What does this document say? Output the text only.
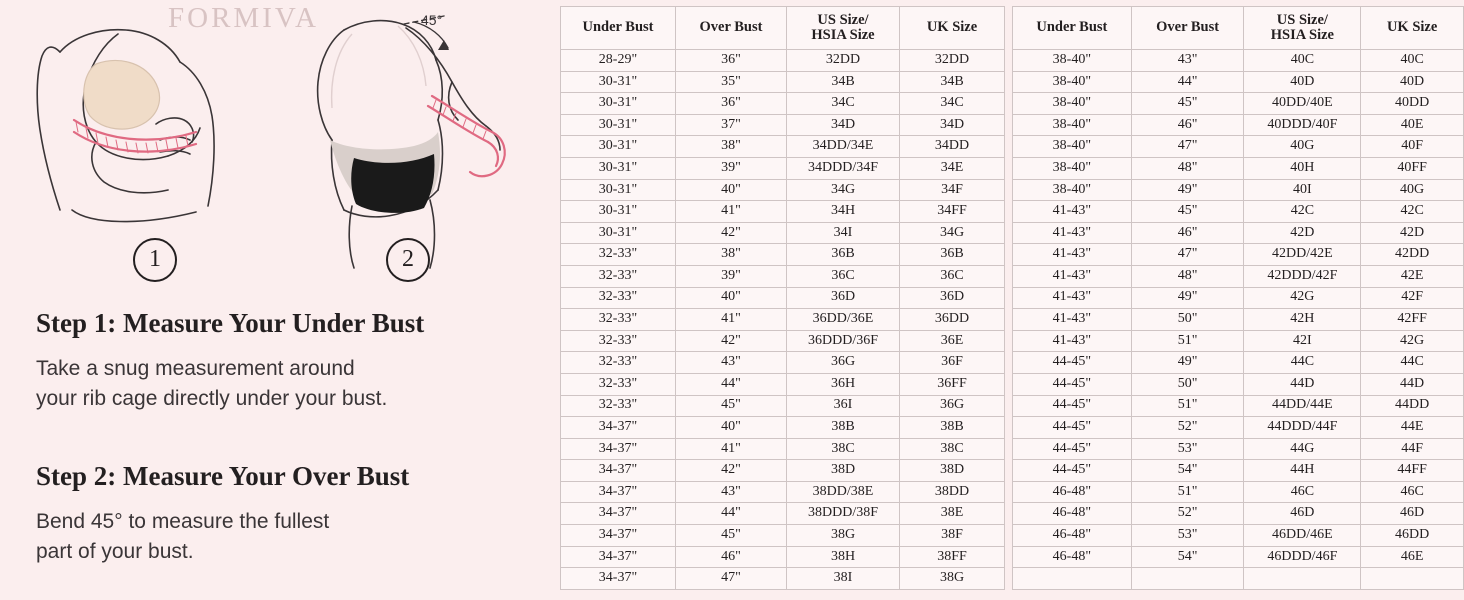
FORMIVA	45°
1	2
Step 1: Measure Your Under Bust
Take a snug measurement around
your rib cage directly under your bust.
Step 2: Measure Your Over Bust
Bend 45° to measure the fullest
part of your bust.
Under Bust	Over Bust	US Size/
HSIA Size	UK Size
28-29"	36"	32DD	32DD
30-31"	35"	34B	34B
30-31"	36"	34C	34C
30-31"	37"	34D	34D
30-31"	38"	34DD/34E	34DD
30-31"	39"	34DDD/34F	34E
30-31"	40"	34G	34F
30-31"	41"	34H	34FF
30-31"	42"	34I	34G
32-33"	38"	36B	36B
32-33"	39"	36C	36C
32-33"	40"	36D	36D
32-33"	41"	36DD/36E	36DD
32-33"	42"	36DDD/36F	36E
32-33"	43"	36G	36F
32-33"	44"	36H	36FF
32-33"	45"	36I	36G
34-37"	40"	38B	38B
34-37"	41"	38C	38C
34-37"	42"	38D	38D
34-37"	43"	38DD/38E	38DD
34-37"	44"	38DDD/38F	38E
34-37"	45"	38G	38F
34-37"	46"	38H	38FF
34-37"	47"	38I	38G
Under Bust	Over Bust	US Size/
HSIA Size	UK Size
38-40"	43"	40C	40C
38-40"	44"	40D	40D
38-40"	45"	40DD/40E	40DD
38-40"	46"	40DDD/40F	40E
38-40"	47"	40G	40F
38-40"	48"	40H	40FF
38-40"	49"	40I	40G
41-43"	45"	42C	42C
41-43"	46"	42D	42D
41-43"	47"	42DD/42E	42DD
41-43"	48"	42DDD/42F	42E
41-43"	49"	42G	42F
41-43"	50"	42H	42FF
41-43"	51"	42I	42G
44-45"	49"	44C	44C
44-45"	50"	44D	44D
44-45"	51"	44DD/44E	44DD
44-45"	52"	44DDD/44F	44E
44-45"	53"	44G	44F
44-45"	54"	44H	44FF
46-48"	51"	46C	46C
46-48"	52"	46D	46D
46-48"	53"	46DD/46E	46DD
46-48"	54"	46DDD/46F	46E
